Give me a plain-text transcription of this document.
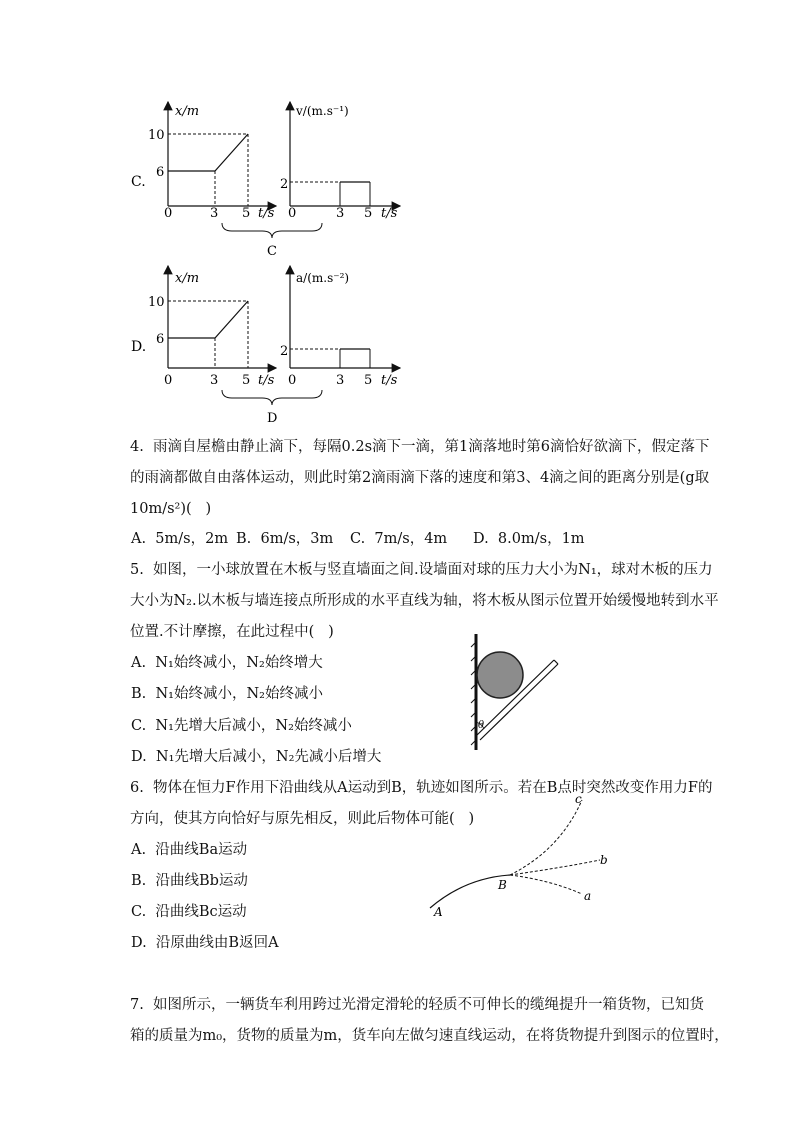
C.
x/m
10
6
0	3 5 t/s
v/(m.s⁻¹)
2
0	3 5 t/s
C
D.
x/m
10
6
0	3 5 t/s
a/(m.s⁻²)
2
0	3 5 t/s
D
4.  雨滴自屋檐由静止滴下，每隔0.2s滴下一滴，第1滴落地时第6滴恰好欲滴下，假定落下
的雨滴都做自由落体运动，则此时第2滴雨滴下落的速度和第3、4滴之间的距离分别是(g取
10m/s²)(   )
A.  5m/s，2m B.  6m/s，3m C.  7m/s，4m D.  8.0m/s，1m
5.  如图，一小球放置在木板与竖直墙面之间.设墙面对球的压力大小为N₁，球对木板的压力
大小为N₂.以木板与墙连接点所形成的水平直线为轴，将木板从图示位置开始缓慢地转到水平
位置.不计摩擦，在此过程中(   )
A.  N₁始终减小，N₂始终增大
B.  N₁始终减小，N₂始终减小
C.  N₁先增大后减小，N₂始终减小
D.  N₁先增大后减小，N₂先减小后增大
θ
6.  物体在恒力F作用下沿曲线从A运动到B，轨迹如图所示。若在B点时突然改变作用力F的
方向，使其方向恰好与原先相反，则此后物体可能(   )
A.  沿曲线Ba运动
B.  沿曲线Bb运动
C.  沿曲线Bc运动
D.  沿原曲线由B返回A
A
B
a
b
c
7.  如图所示，一辆货车利用跨过光滑定滑轮的轻质不可伸长的缆绳提升一箱货物，已知货
箱的质量为m₀，货物的质量为m，货车向左做匀速直线运动，在将货物提升到图示的位置时，
